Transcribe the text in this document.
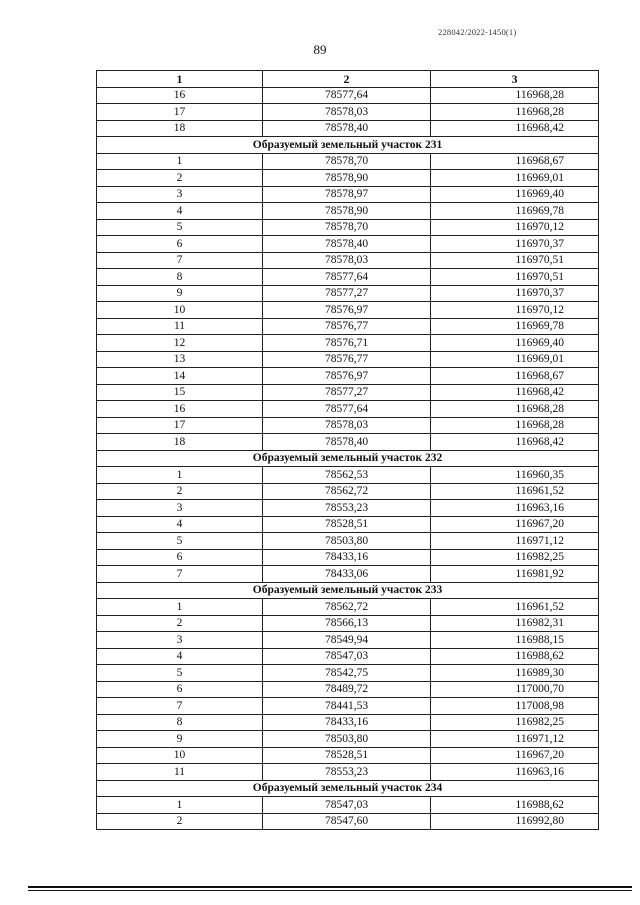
228042/2022-1450(1)
89
1	2	3
16	78577,64	116968,28
17	78578,03	116968,28
18	78578,40	116968,42
Образуемый земельный участок 231		
1	78578,70	116968,67
2	78578,90	116969,01
3	78578,97	116969,40
4	78578,90	116969,78
5	78578,70	116970,12
6	78578,40	116970,37
7	78578,03	116970,51
8	78577,64	116970,51
9	78577,27	116970,37
10	78576,97	116970,12
11	78576,77	116969,78
12	78576,71	116969,40
13	78576,77	116969,01
14	78576,97	116968,67
15	78577,27	116968,42
16	78577,64	116968,28
17	78578,03	116968,28
18	78578,40	116968,42
Образуемый земельный участок 232		
1	78562,53	116960,35
2	78562,72	116961,52
3	78553,23	116963,16
4	78528,51	116967,20
5	78503,80	116971,12
6	78433,16	116982,25
7	78433,06	116981,92
Образуемый земельный участок 233		
1	78562,72	116961,52
2	78566,13	116982,31
3	78549,94	116988,15
4	78547,03	116988,62
5	78542,75	116989,30
6	78489,72	117000,70
7	78441,53	117008,98
8	78433,16	116982,25
9	78503,80	116971,12
10	78528,51	116967,20
11	78553,23	116963,16
Образуемый земельный участок 234		
1	78547,03	116988,62
2	78547,60	116992,80
